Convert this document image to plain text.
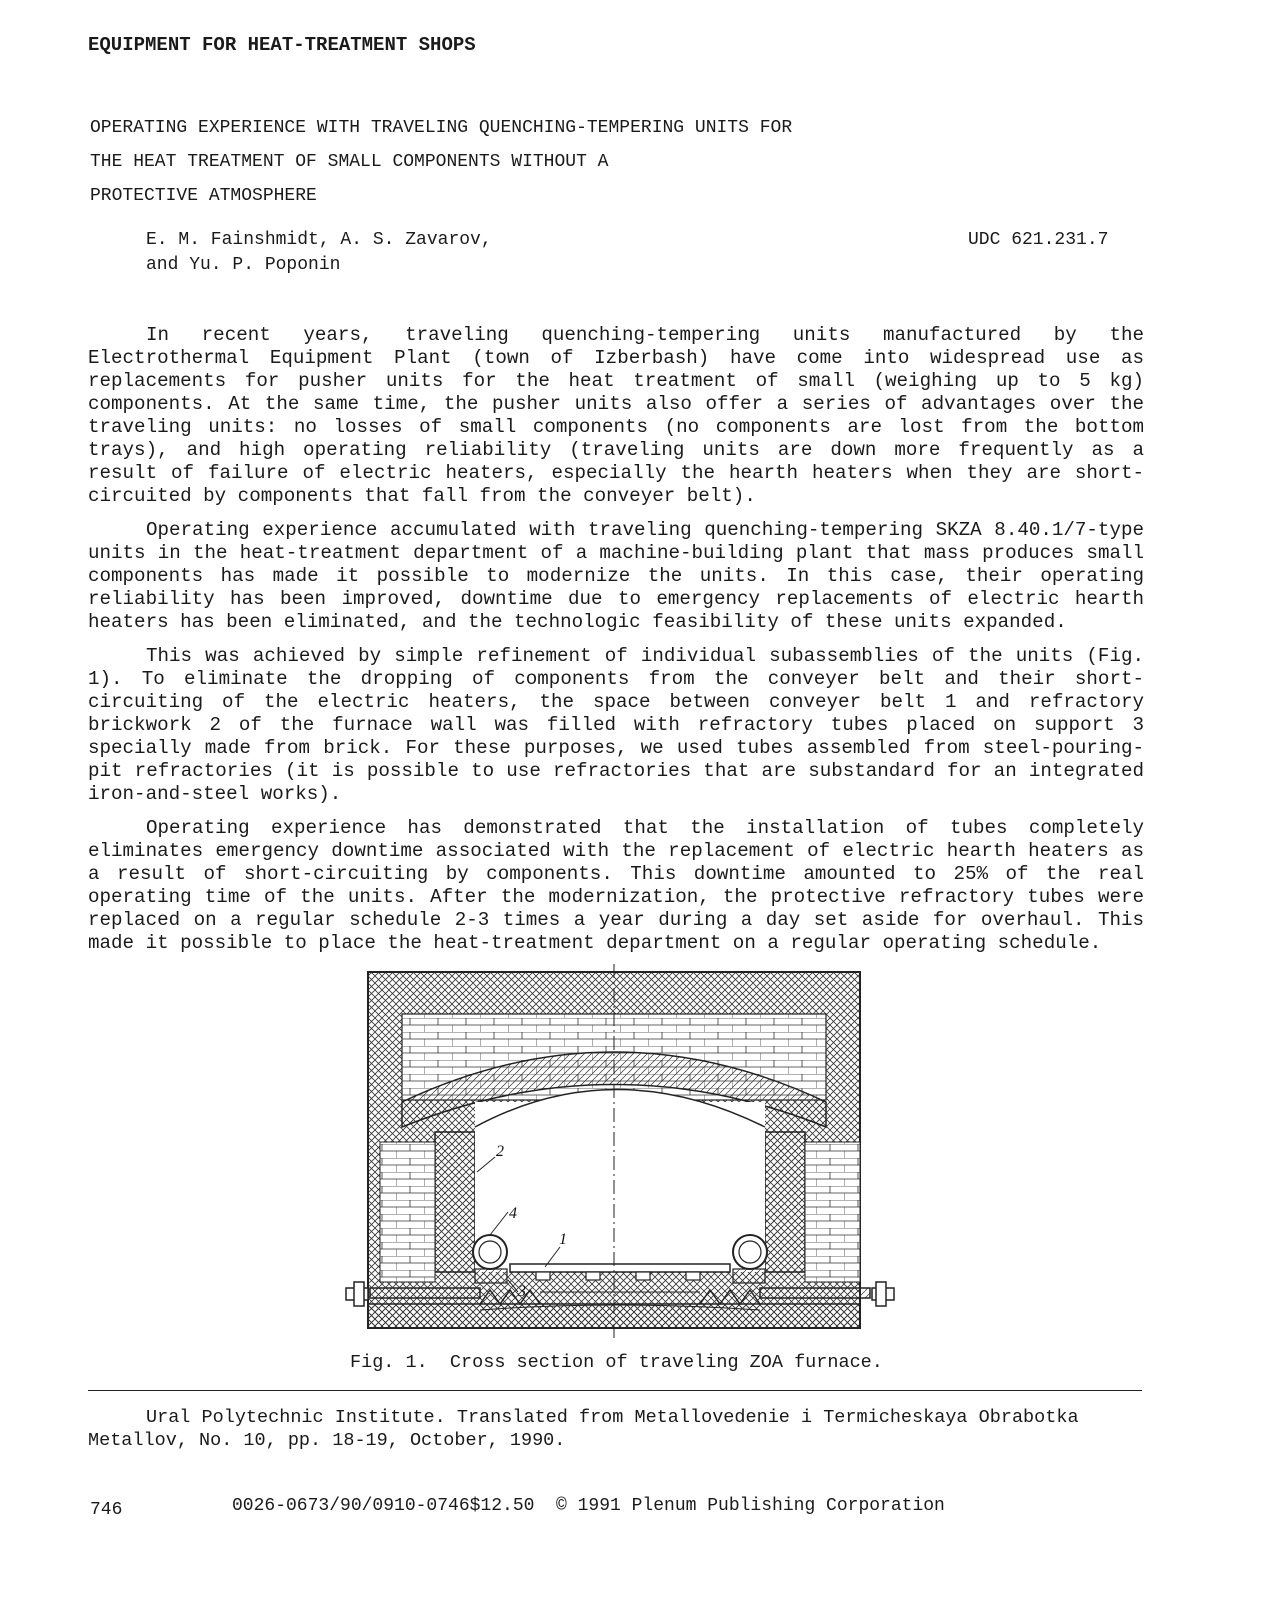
EQUIPMENT FOR HEAT-TREATMENT SHOPS
OPERATING EXPERIENCE WITH TRAVELING QUENCHING-TEMPERING UNITS FOR
THE HEAT TREATMENT OF SMALL COMPONENTS WITHOUT A
PROTECTIVE ATMOSPHERE
E. M. Fainshmidt, A. S. Zavarov,
and Yu. P. Poponin
UDC 621.231.7

In recent years, traveling quenching-tempering units manufactured by the Electrothermal Equipment Plant (town of Izberbash) have come into widespread use as replacements for pusher units for the heat treatment of small (weighing up to 5 kg) components. At the same time, the pusher units also offer a series of advantages over the traveling units: no losses of small components (no components are lost from the bottom trays), and high operating reliability (traveling units are down more frequently as a result of failure of electric heaters, especially the hearth heaters when they are short-circuited by components that fall from the conveyer belt).

Operating experience accumulated with traveling quenching-tempering SKZA 8.40.1/7-type units in the heat-treatment department of a machine-building plant that mass produces small components has made it possible to modernize the units. In this case, their operating reliability has been improved, downtime due to emergency replacements of electric hearth heaters has been eliminated, and the technologic feasibility of these units expanded.

This was achieved by simple refinement of individual subassemblies of the units (Fig. 1). To eliminate the dropping of components from the conveyer belt and their short-circuiting of the electric heaters, the space between conveyer belt 1 and refractory brickwork 2 of the furnace wall was filled with refractory tubes placed on support 3 specially made from brick. For these purposes, we used tubes assembled from steel-pouring-pit refractories (it is possible to use refractories that are substandard for an integrated iron-and-steel works).

Operating experience has demonstrated that the installation of tubes completely eliminates emergency downtime associated with the replacement of electric hearth heaters as a result of short-circuiting by components. This downtime amounted to 25% of the real operating time of the units. After the modernization, the protective refractory tubes were replaced on a regular schedule 2-3 times a year during a day set aside for overhaul. This made it possible to place the heat-treatment department on a regular operating schedule.

2
4
1
3
Fig. 1.  Cross section of traveling ZOA furnace.
Ural Polytechnic Institute. Translated from Metallovedenie i Termicheskaya Obrabotka Metallov, No. 10, pp. 18-19, October, 1990.
746	0026-0673/90/0910-0746$12.50 © 1991 Plenum Publishing Corporation
